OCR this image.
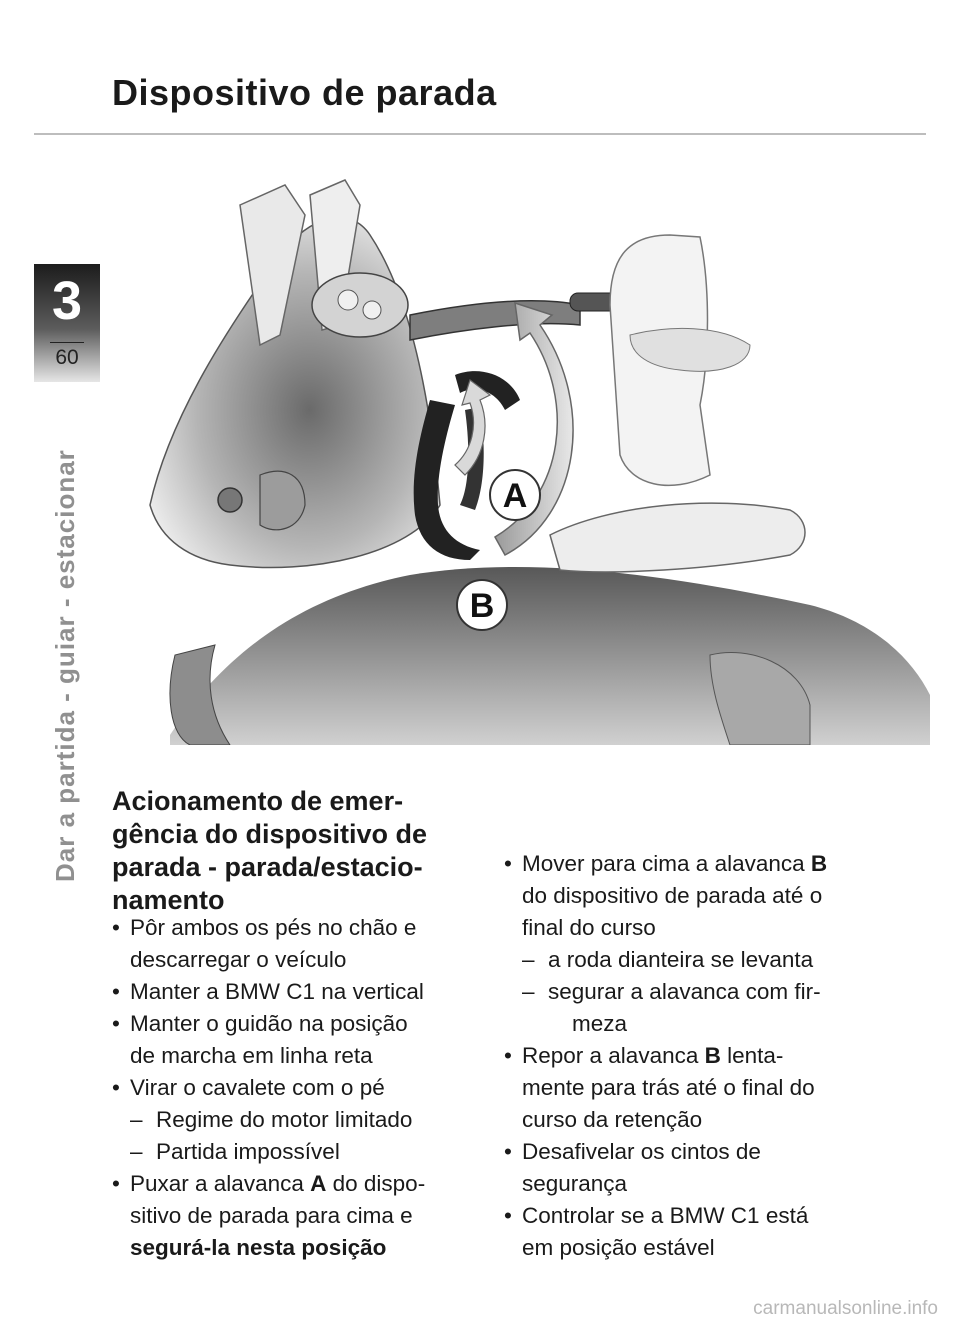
Dispositivo de parada
3
60
Dar a partida - guiar - estacionar	A
B
Acionamento de emer-gência do dispositivo de parada - parada/estacio-namento
• Pôr ambos os pés no chão e
descarregar o veículo
• Manter a BMW C1 na vertical
• Manter o guidão na posição
de marcha em linha reta
• Virar o cavalete com o pé
– Regime do motor limitado
– Partida impossível
• Puxar a alavanca A do dispo-
sitivo de parada para cima e
segurá-la nesta posição
• Mover para cima a alavanca B
do dispositivo de parada até o
final do curso
– a roda dianteira se levanta
– segurar a alavanca com fir-
meza
• Repor a alavanca B lenta-
mente para trás até o final do
curso da retenção
• Desafivelar os cintos de
segurança
• Controlar se a BMW C1 está
em posição estável
carmanualsonline.info
